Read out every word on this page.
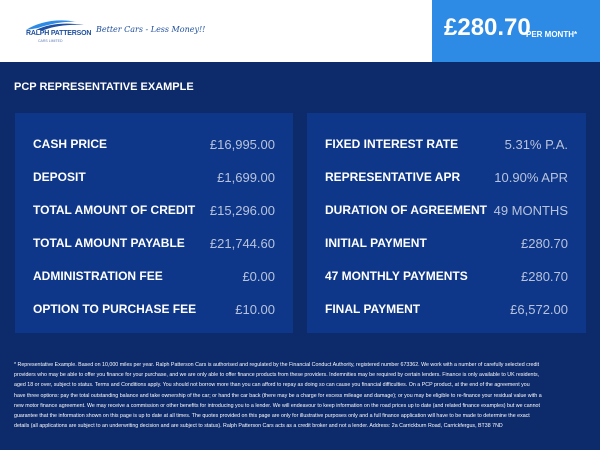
RALPH PATTERSON
CARS LIMITED
Better Cars - Less Money!!	£280.70
PER MONTH*
PCP REPRESENTATIVE EXAMPLE
CASH PRICE	£16,995.00
DEPOSIT	£1,699.00
TOTAL AMOUNT OF CREDIT £15,296.00
TOTAL AMOUNT PAYABLE £21,744.60
ADMINISTRATION FEE	£0.00
OPTION TO PURCHASE FEE	£10.00
FIXED INTEREST RATE	5.31% P.A.
REPRESENTATIVE APR	10.90% APR
DURATION OF AGREEMENT 49 MONTHS
INITIAL PAYMENT	£280.70
47 MONTHLY PAYMENTS	£280.70
FINAL PAYMENT	£6,572.00
* Representative Example. Based on 10,000 miles per year. Ralph Patterson Cars is authorised and regulated by the Financial Conduct Authority, registered number 673362. We work with a number of carefully selected credit providers who may be able to offer you finance for your purchase, and we are only able to offer finance products from these providers. Indemnities may be required by certain lenders. Finance is only available to UK residents, aged 18 or over, subject to status. Terms and Conditions apply. You should not borrow more than you can afford to repay as doing so can cause you financial difficulties. On a PCP product, at the end of the agreement you have three options: pay the total outstanding balance and take ownership of the car; or hand the car back (there may be a charge for excess mileage and damage); or you may be eligible to re-finance your residual value with a new motor finance agreement. We may receive a commission or other benefits for introducing you to a lender. We will endeavour to keep information on the road prices up to date (and related finance examples) but we cannot guarantee that the information shown on this page is up to date at all times. The quotes provided on this page are only for illustrative purposes only and a full finance application will have to be made to determine the exact details (all applications are subject to an underwriting decision and are subject to status). Ralph Patterson Cars acts as a credit broker and not a lender. Address: 2a Carrickburn Road, Carrickfergus, BT38 7ND
